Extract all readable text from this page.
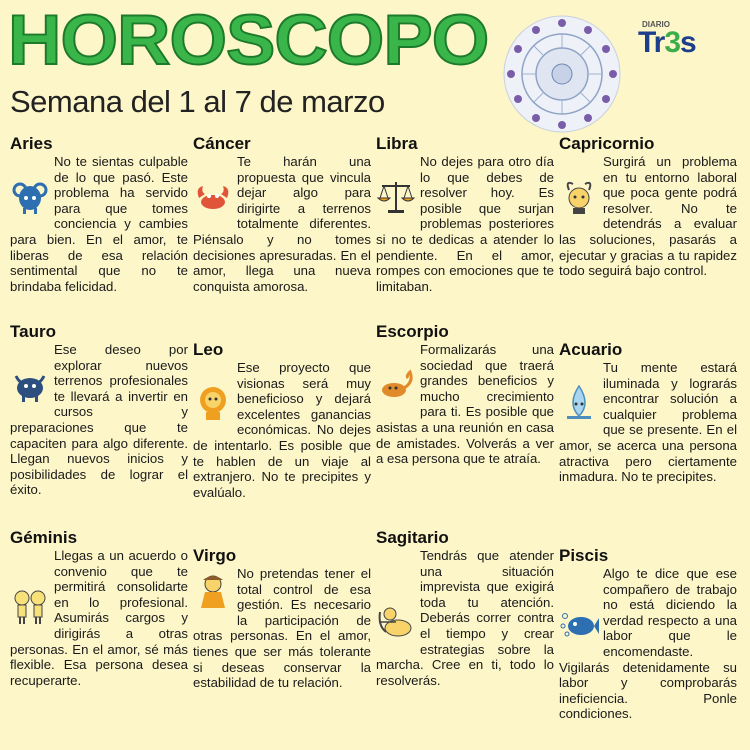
HOROSCOPO
Semana del 1 al 7 de marzo
DIARIO
Tr3s
Aries
No te sientas culpable de lo que pasó. Este problema ha servido para que tomes conciencia y cambies para bien. En el amor, te liberas de esa relación sentimental que no te brindaba felicidad.
Tauro
Ese deseo por explorar nuevos terrenos profesionales te llevará a invertir en cursos y preparaciones que te capaciten para algo diferente. Llegan nuevos inicios y posibilidades de lograr el éxito.
Géminis
Llegas a un acuerdo o convenio que te permitirá consolidarte en lo profesional. Asumirás cargos y dirigirás a otras personas. En el amor, sé más flexible. Esa persona desea recuperarte.
Cáncer
Te harán una propuesta que vincula dejar algo para dirigirte a terrenos totalmente diferentes. Piénsalo y no tomes decisiones apresuradas. En el amor, llega una nueva conquista amorosa.
Leo
Ese proyecto que visionas será muy beneficioso y dejará excelentes ganancias económicas. No dejes de intentarlo. Es posible que te hablen de un viaje al extranjero. No te precipites y evalúalo.
Virgo
No pretendas tener el total control de esa gestión. Es necesario la participación de otras personas. En el amor, tienes que ser más tolerante si deseas conservar la estabilidad de tu relación.
Libra
No dejes para otro día lo que debes de resolver hoy. Es posible que surjan problemas posteriores si no te dedicas a atender lo pendiente. En el amor, rompes con emociones que te limitaban.
Escorpio
Formalizarás una sociedad que traerá grandes beneficios y mucho crecimiento para ti. Es posible que asistas a una reunión en casa de amistades. Volverás a ver a esa persona que te atraía.
Sagitario
Tendrás que atender una situación imprevista que exigirá toda tu atención. Deberás correr contra el tiempo y crear estrategias sobre la marcha. Cree en ti, todo lo resolverás.
Capricornio
Surgirá un problema en tu entorno laboral que poca gente podrá resolver. No te detendrás a evaluar las soluciones, pasarás a ejecutar y gracias a tu rapidez todo seguirá bajo control.
Acuario
Tu mente estará iluminada y lograrás encontrar solución a cualquier problema que se presente. En el amor, se acerca una persona atractiva pero ciertamente inmadura. No te precipites.
Piscis
Algo te dice que ese compañero de trabajo no está diciendo la verdad respecto a una labor que le encomendaste. Vigilarás detenidamente su labor y comprobarás ineficiencia. Ponle condiciones.
